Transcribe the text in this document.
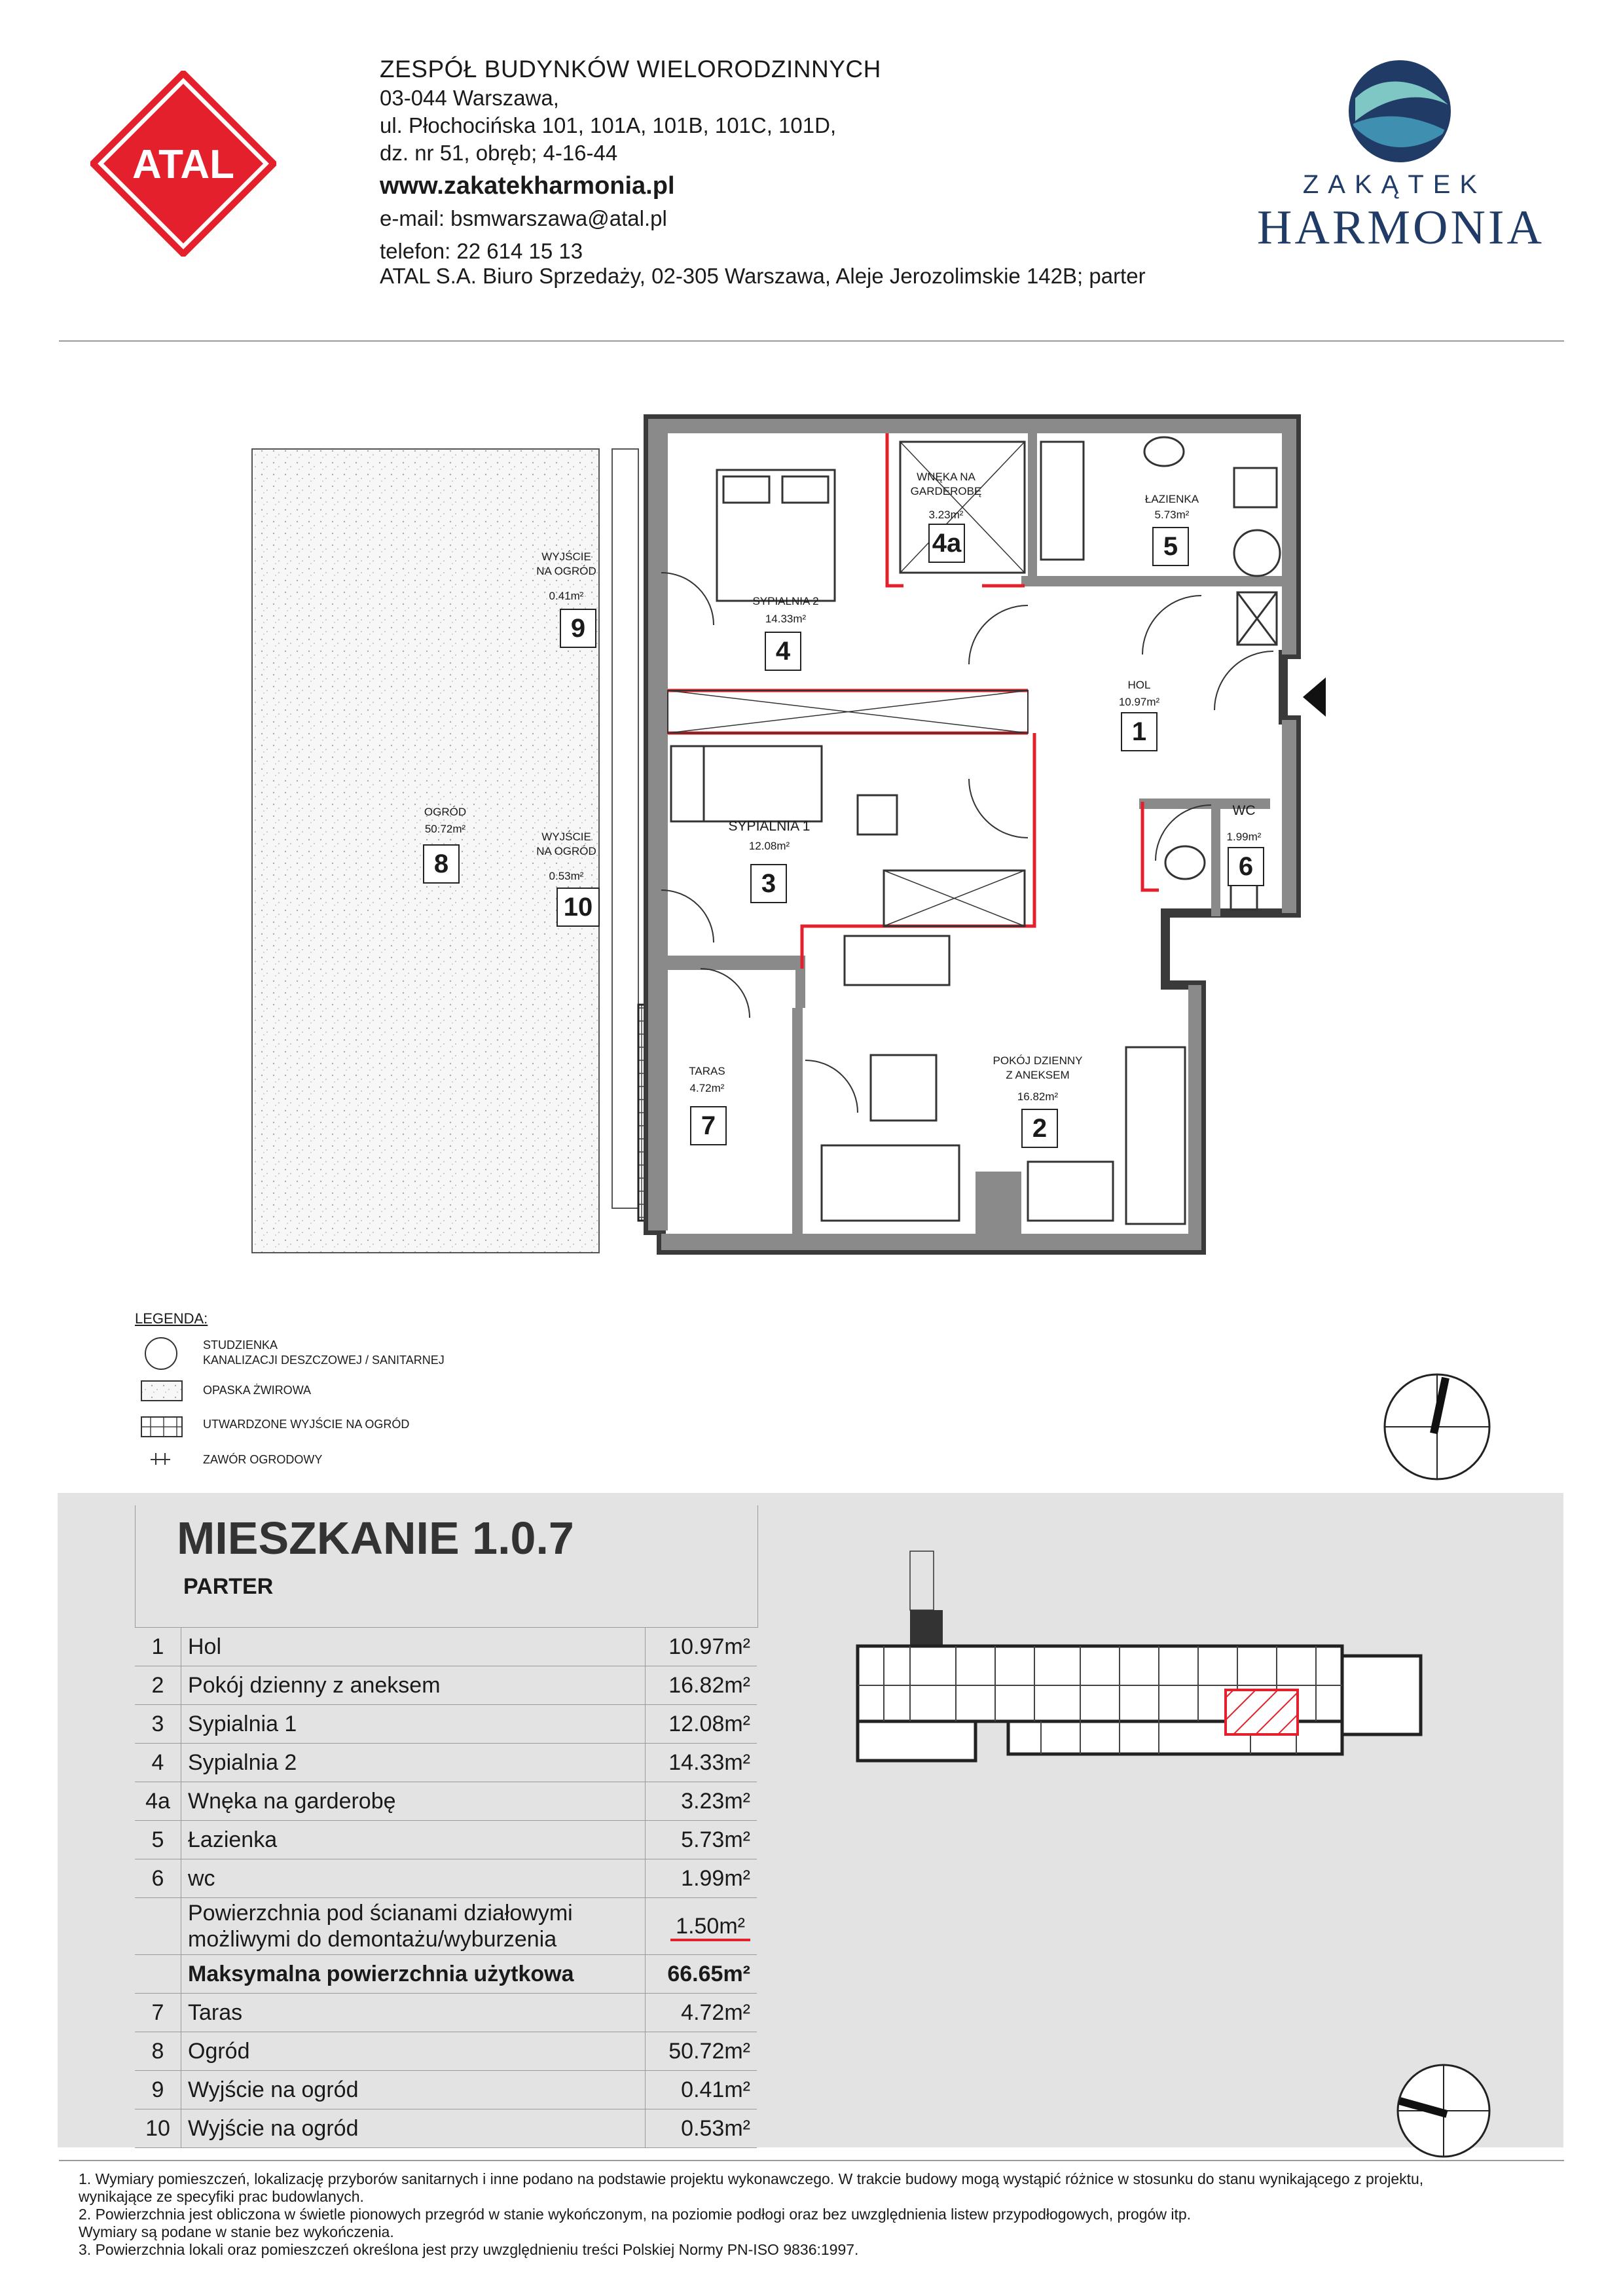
ATAL
ZESPÓŁ BUDYNKÓW WIELORODZINNYCH
03-044 Warszawa,
ul. Płochocińska 101, 101A, 101B, 101C, 101D,
dz. nr 51, obręb; 4-16-44
www.zakatekharmonia.pl
e-mail: bsmwarszawa@atal.pl
telefon: 22 614 15 13
ATAL S.A. Biuro Sprzedaży, 02-305 Warszawa, Aleje Jerozolimskie 142B; parter
ZAKĄTEK
HARMONIA
WNĘKA NA
GARDEROBĘ
3.23m²
4a
ŁAZIENKA
5.73m²
5
WYJŚCIE
NA OGRÓD
0.41m²
9
SYPIALNIA 2
14.33m²
4
HOL
10.97m²
1
OGRÓD
50.72m²
8
WYJŚCIE
NA OGRÓD
0.53m²
10
SYPIALNIA 1
12.08m²
3
WC
1.99m²
6
TARAS
4.72m²
7
POKÓJ DZIENNY
Z ANEKSEM
16.82m²
2
LEGENDA:
STUDZIENKA
KANALIZACJI DESZCZOWEJ / SANITARNEJ
OPASKA ŻWIROWA
UTWARDZONE WYJŚCIE NA OGRÓD
ZAWÓR OGRODOWY
MIESZKANIE 1.0.7
PARTER
1	Hol	10.97m²
2	Pokój dzienny z aneksem	16.82m²
3	Sypialnia 1	12.08m²
4	Sypialnia 2	14.33m²
4a	Wnęka na garderobę	3.23m²
5	Łazienka	5.73m²
6	wc	1.99m²
	Powierzchnia pod ścianami działowymi
możliwymi do demontażu/wyburzenia	1.50m²
	Maksymalna powierzchnia użytkowa	66.65m²
7	Taras	4.72m²
8	Ogród	50.72m²
9	Wyjście na ogród	0.41m²
10	Wyjście na ogród	0.53m²
1. Wymiary pomieszczeń, lokalizację przyborów sanitarnych i inne podano na podstawie projektu wykonawczego. W trakcie budowy mogą wystąpić różnice w stosunku do stanu wynikającego z projektu,
wynikające ze specyfiki prac budowlanych.
2. Powierzchnia jest obliczona w świetle pionowych przegród w stanie wykończonym, na poziomie podłogi oraz bez uwzględnienia listew przypodłogowych, progów itp.
Wymiary są podane w stanie bez wykończenia.
3. Powierzchnia lokali oraz pomieszczeń określona jest przy uwzględnieniu treści Polskiej Normy PN-ISO 9836:1997.
